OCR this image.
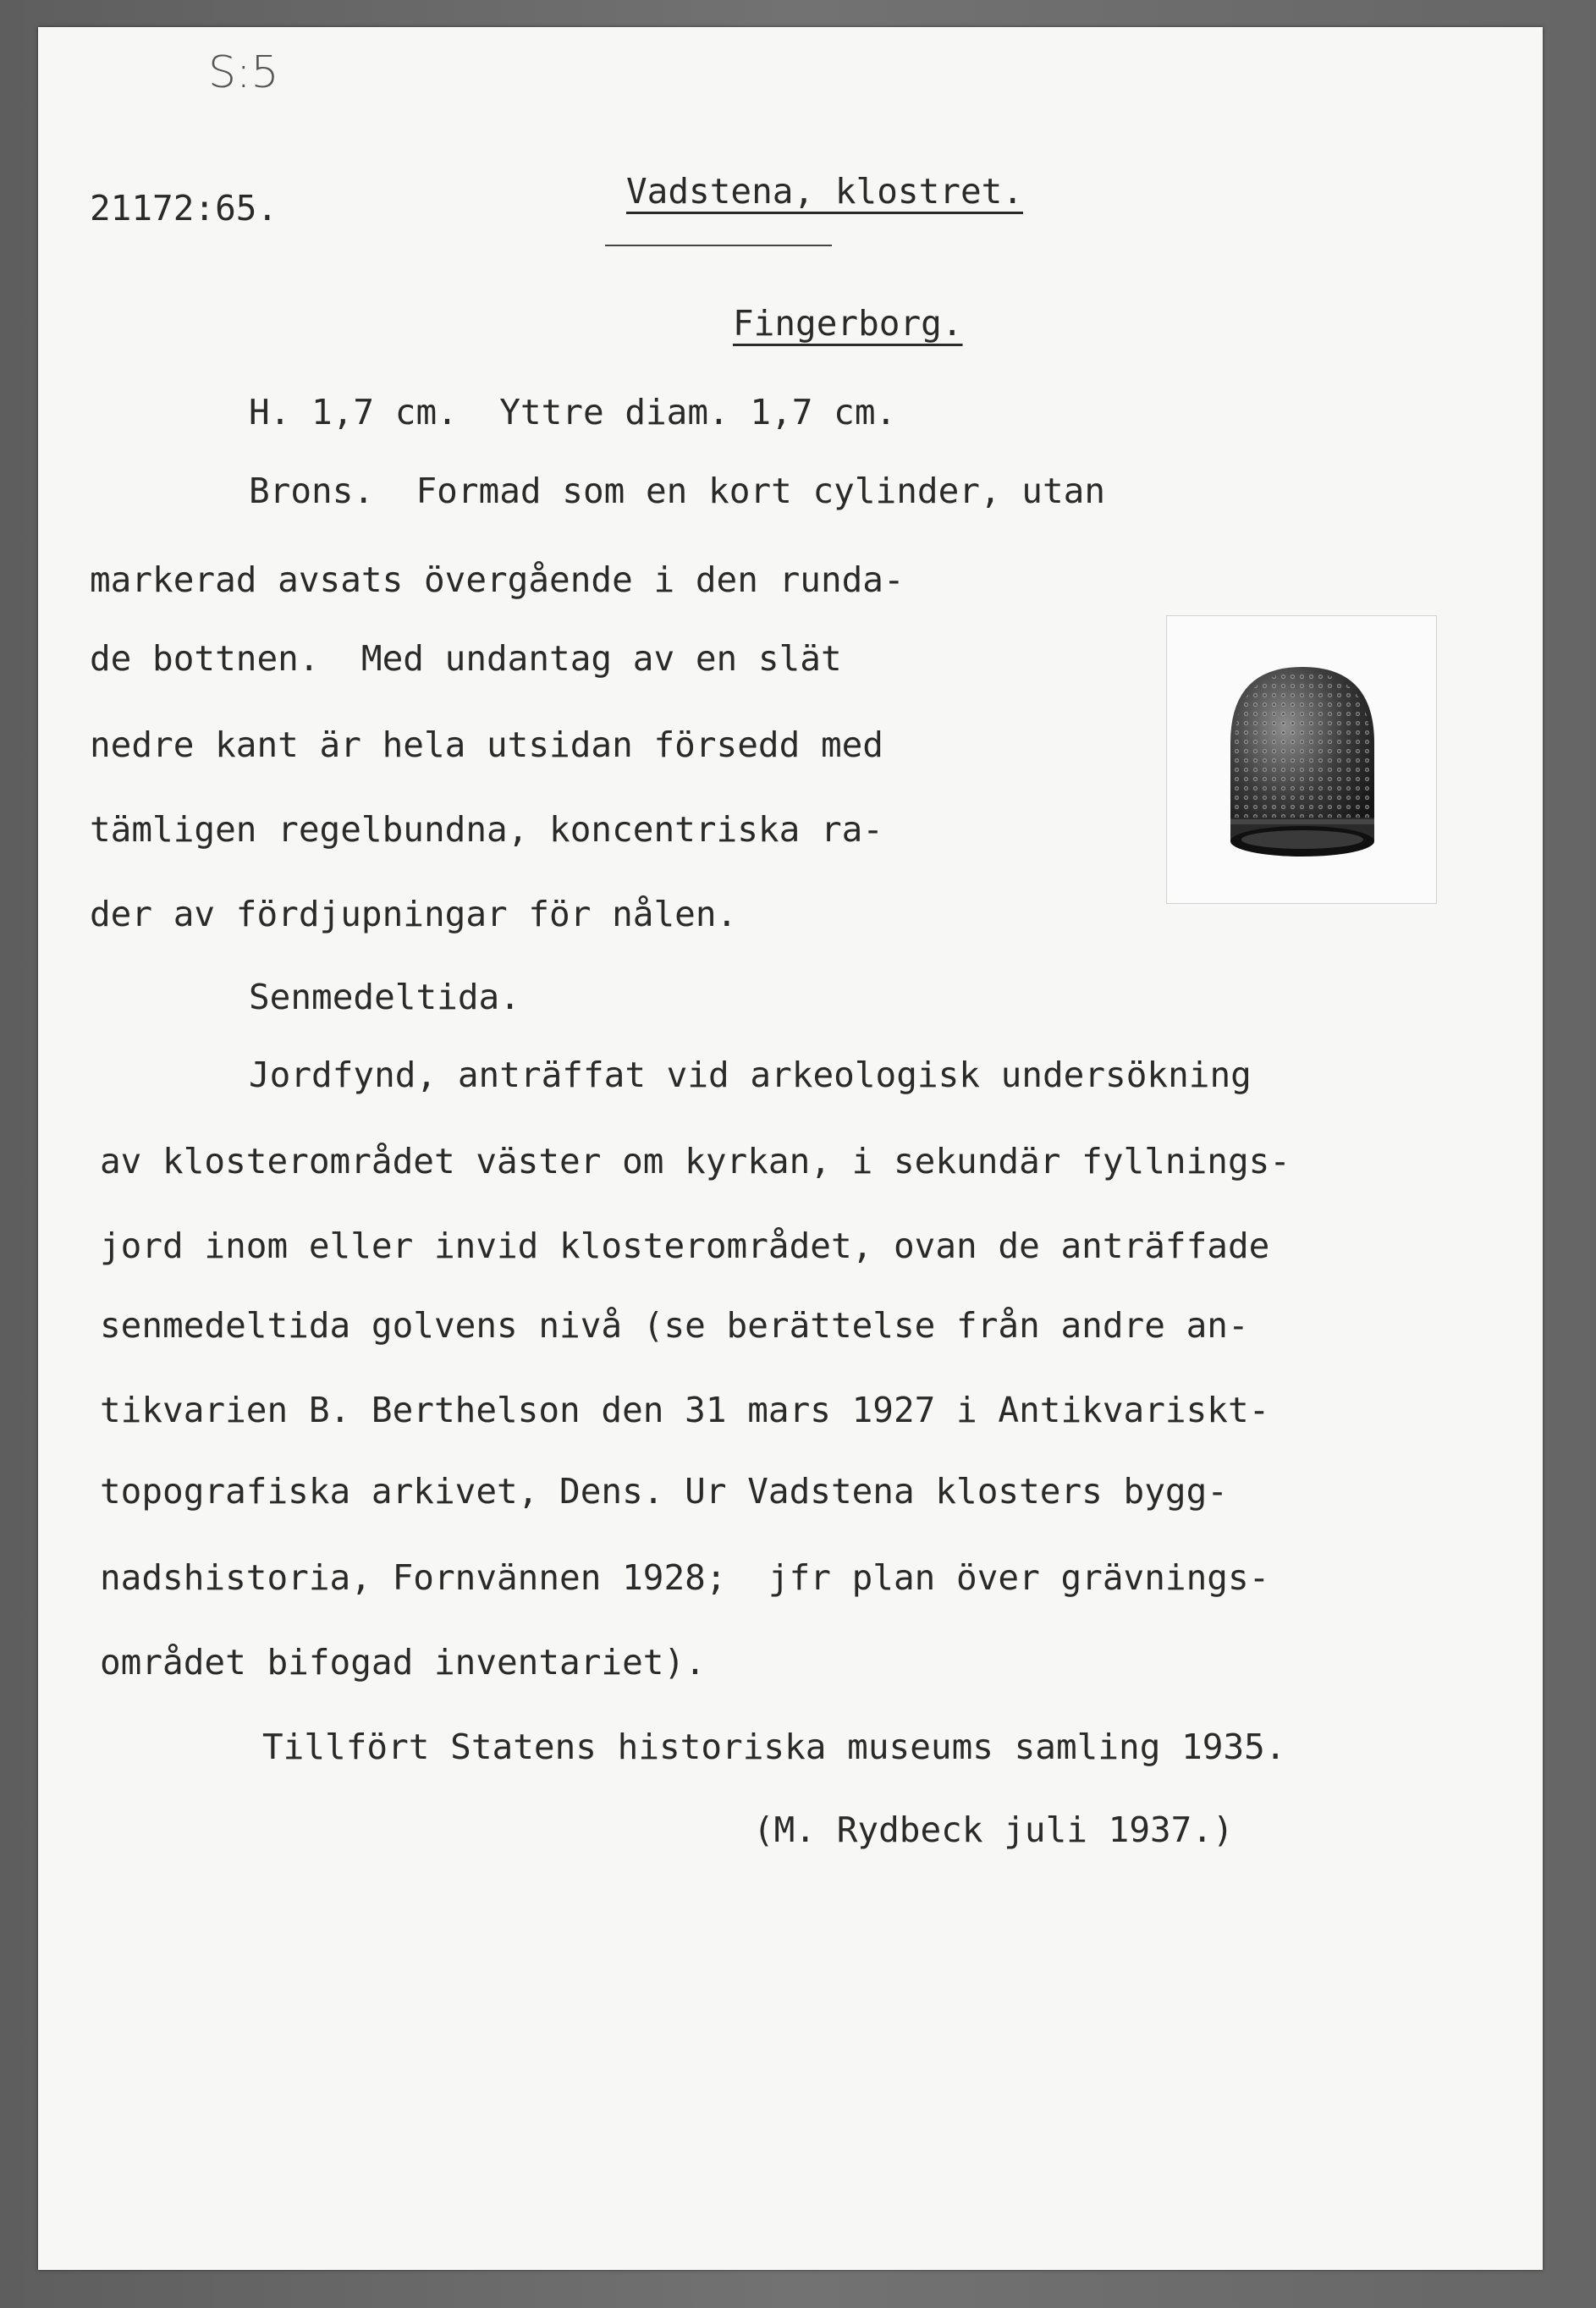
S:5
21172:65.	Vadstena, klostret.
Fingerborg.
H. 1,7 cm.  Yttre diam. 1,7 cm.
Brons.  Formad som en kort cylinder, utan
markerad avsats övergående i den runda-
de bottnen.  Med undantag av en slät
nedre kant är hela utsidan försedd med
tämligen regelbundna, koncentriska ra-
der av fördjupningar för nålen.
Senmedeltida.
Jordfynd, anträffat vid arkeologisk undersökning
av klosterområdet väster om kyrkan, i sekundär fyllnings-
jord inom eller invid klosterområdet, ovan de anträffade
senmedeltida golvens nivå (se berättelse från andre an-
tikvarien B. Berthelson den 31 mars 1927 i Antikvariskt-
topografiska arkivet, Dens. Ur Vadstena klosters bygg-
nadshistoria, Fornvännen 1928;  jfr plan över grävnings-
området bifogad inventariet).
Tillfört Statens historiska museums samling 1935.
(M. Rydbeck juli 1937.)
